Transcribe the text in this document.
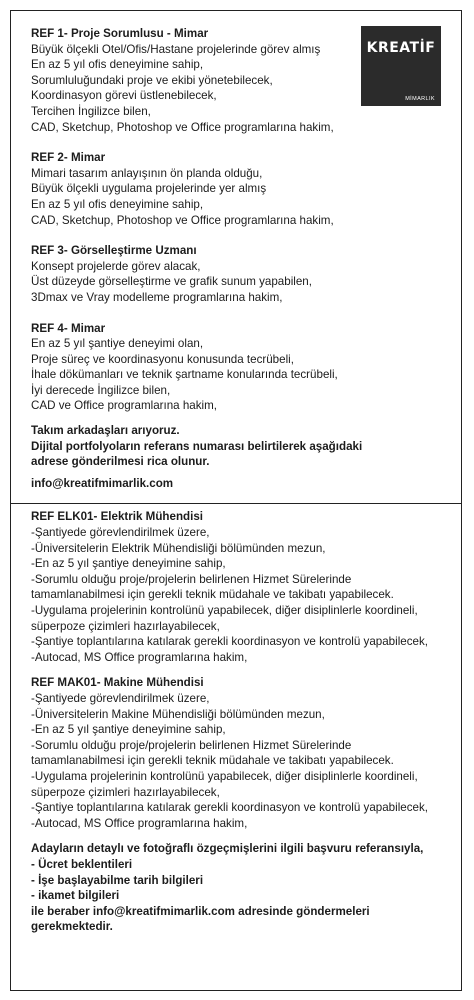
KREATİF
MİMARLIK
REF 1- Proje Sorumlusu - Mimar
Büyük ölçekli Otel/Ofis/Hastane projelerinde görev almış
En az 5 yıl ofis deneyimine sahip,
Sorumluluğundaki proje ve ekibi yönetebilecek,
Koordinasyon görevi üstlenebilecek,
Tercihen İngilizce bilen,
CAD, Sketchup, Photoshop ve Office programlarına hakim,
REF 2- Mimar
Mimari tasarım anlayışının ön planda olduğu,
Büyük ölçekli uygulama projelerinde yer almış
En az 5 yıl ofis deneyimine sahip,
CAD, Sketchup, Photoshop ve Office programlarına hakim,
REF 3- Görselleştirme Uzmanı
Konsept projelerde görev alacak,
Üst düzeyde görselleştirme ve grafik sunum yapabilen,
3Dmax ve Vray modelleme programlarına hakim,
REF 4- Mimar
En az 5 yıl şantiye deneyimi olan,
Proje süreç ve koordinasyonu konusunda tecrübeli,
İhale dökümanları ve teknik şartname konularında tecrübeli,
İyi derecede İngilizce bilen,
CAD ve Office programlarına hakim,
Takım arkadaşları arıyoruz.
Dijital portfolyoların referans numarası belirtilerek aşağıdaki
adrese gönderilmesi rica olunur.
info@kreatifmimarlik.com
REF ELK01- Elektrik Mühendisi
-Şantiyede görevlendirilmek üzere,
-Üniversitelerin Elektrik Mühendisliği bölümünden mezun,
-En az 5 yıl şantiye deneyimine sahip,
-Sorumlu olduğu proje/projelerin belirlenen Hizmet Sürelerinde
tamamlanabilmesi için gerekli teknik müdahale ve takibatı yapabilecek.
-Uygulama projelerinin kontrolünü yapabilecek, diğer disiplinlerle koordineli,
süperpoze çizimleri hazırlayabilecek,
-Şantiye toplantılarına katılarak gerekli koordinasyon ve kontrolü yapabilecek,
-Autocad, MS Office programlarına hakim,
REF MAK01- Makine Mühendisi
-Şantiyede görevlendirilmek üzere,
-Üniversitelerin Makine Mühendisliği bölümünden mezun,
-En az 5 yıl şantiye deneyimine sahip,
-Sorumlu olduğu proje/projelerin belirlenen Hizmet Sürelerinde
tamamlanabilmesi için gerekli teknik müdahale ve takibatı yapabilecek.
-Uygulama projelerinin kontrolünü yapabilecek, diğer disiplinlerle koordineli,
süperpoze çizimleri hazırlayabilecek,
-Şantiye toplantılarına katılarak gerekli koordinasyon ve kontrolü yapabilecek,
-Autocad, MS Office programlarına hakim,
Adayların detaylı ve fotoğraflı özgeçmişlerini ilgili başvuru referansıyla,
- Ücret beklentileri
- İşe başlayabilme tarih bilgileri
- ikamet bilgileri
ile beraber info@kreatifmimarlik.com adresinde göndermeleri
gerekmektedir.
